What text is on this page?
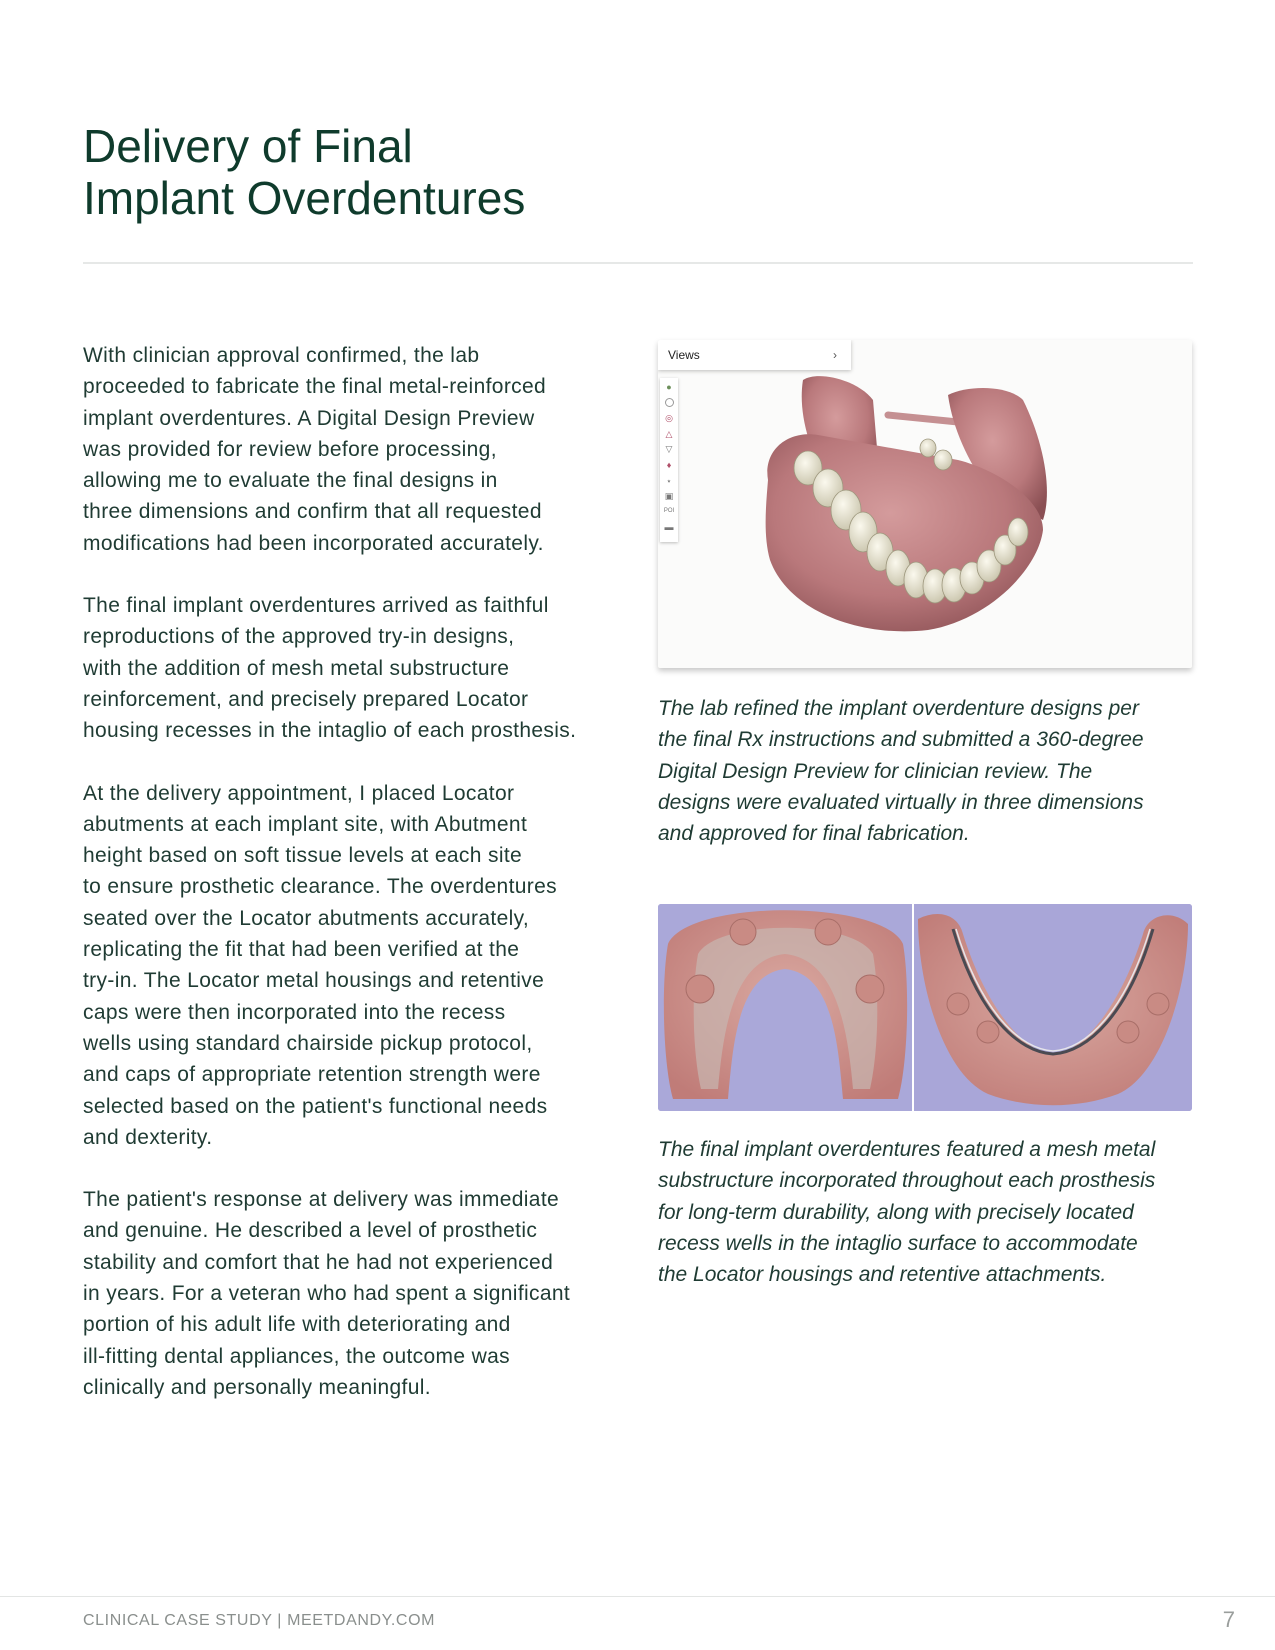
Delivery of Final
Implant Overdentures

With clinician approval confirmed, the lab
proceeded to fabricate the final metal-reinforced
implant overdentures. A Digital Design Preview
was provided for review before processing,
allowing me to evaluate the final designs in
three dimensions and confirm that all requested
modifications had been incorporated accurately.

The final implant overdentures arrived as faithful
reproductions of the approved try-in designs,
with the addition of mesh metal substructure
reinforcement, and precisely prepared Locator
housing recesses in the intaglio of each prosthesis.

At the delivery appointment, I placed Locator
abutments at each implant site, with Abutment
height based on soft tissue levels at each site
to ensure prosthetic clearance. The overdentures
seated over the Locator abutments accurately,
replicating the fit that had been verified at the
try-in. The Locator metal housings and retentive
caps were then incorporated into the recess
wells using standard chairside pickup protocol,
and caps of appropriate retention strength were
selected based on the patient's functional needs
and dexterity.

The patient's response at delivery was immediate
and genuine. He described a level of prosthetic
stability and comfort that he had not experienced
in years. For a veteran who had spent a significant
portion of his adult life with deteriorating and
ill-fitting dental appliances, the outcome was
clinically and personally meaningful.

Views	›
●
◎
△
▽
♦
⋆
▣
POI
▬
The lab refined the implant overdenture designs per
the final Rx instructions and submitted a 360-degree
Digital Design Preview for clinician review. The
designs were evaluated virtually in three dimensions
and approved for final fabrication.
The final implant overdentures featured a mesh metal
substructure incorporated throughout each prosthesis
for long-term durability, along with precisely located
recess wells in the intaglio surface to accommodate
the Locator housings and retentive attachments.
CLINICAL CASE STUDY | MEETDANDY.COM	7
